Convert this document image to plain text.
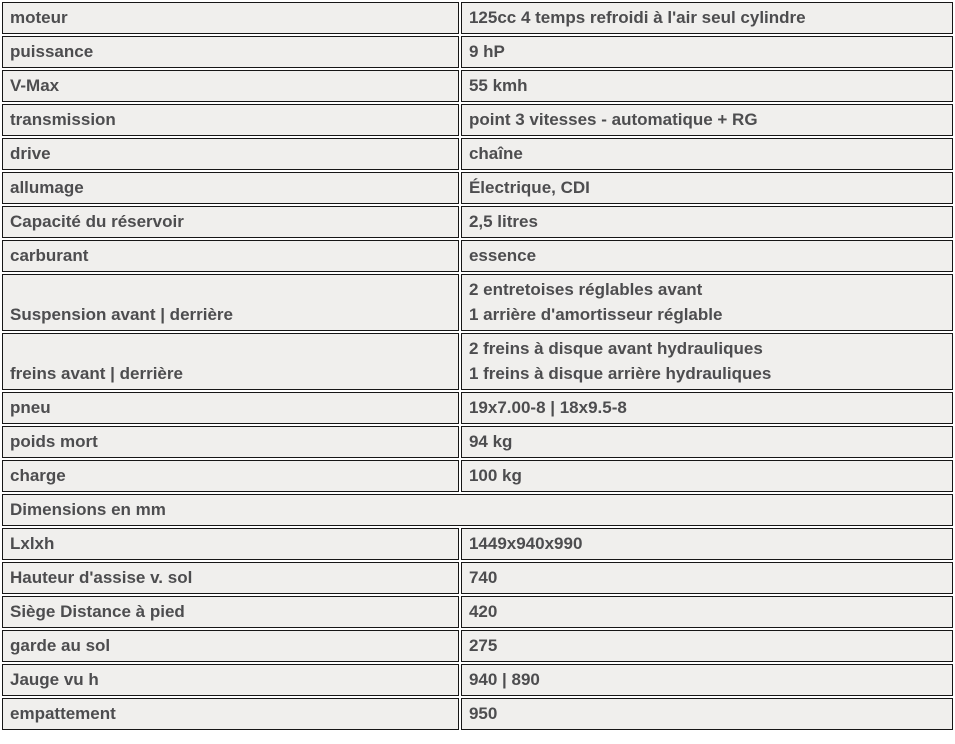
moteur	125cc 4 temps refroidi à l'air seul cylindre
puissance	9 hP
V-Max	55 kmh
transmission	point 3 vitesses - automatique + RG
drive	chaîne
allumage	Électrique, CDI
Capacité du réservoir	2,5 litres
carburant	essence
Suspension avant | derrière	2 entretoises réglables avant
1 arrière d'amortisseur réglable
freins avant | derrière	2 freins à disque avant hydrauliques
1 freins à disque arrière hydrauliques
pneu	19x7.00-8 | 18x9.5-8
poids mort	94 kg
charge	100 kg
Dimensions en mm	
Lxlxh	1449x940x990
Hauteur d'assise v. sol	740
Siège Distance à pied	420
garde au sol	275
Jauge vu h	940 | 890
empattement	950
